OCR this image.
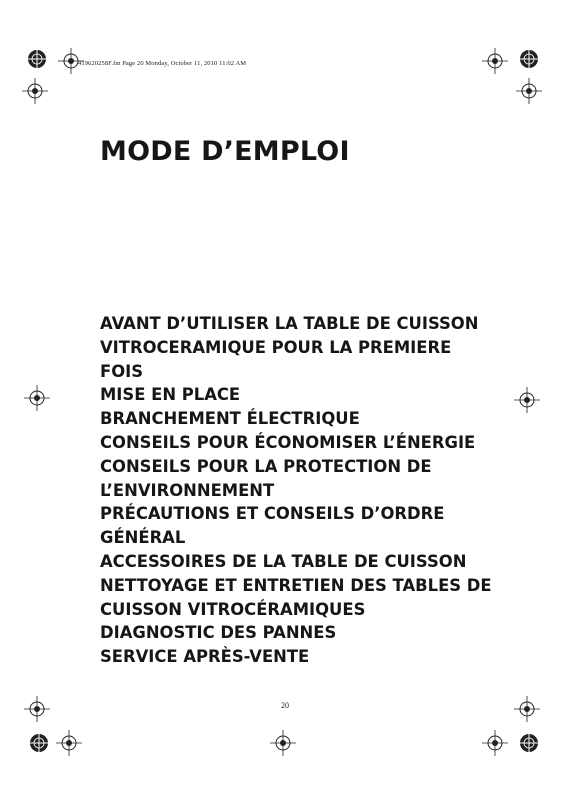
419620258F.fm Page 20 Monday, October 11, 2010 11:02 AM
MODE D’EMPLOI
AVANT D’UTILISER LA TABLE DE CUISSON VITROCERAMIQUE POUR LA PREMIERE FOIS
MISE EN PLACE
BRANCHEMENT ÉLECTRIQUE
CONSEILS POUR ÉCONOMISER L’ÉNERGIE
CONSEILS POUR LA PROTECTION DE L’ENVIRONNEMENT
PRÉCAUTIONS ET CONSEILS D’ORDRE GÉNÉRAL
ACCESSOIRES DE LA TABLE DE CUISSON
NETTOYAGE ET ENTRETIEN DES TABLES DE CUISSON VITROCÉRAMIQUES
DIAGNOSTIC DES PANNES
SERVICE APRÈS-VENTE
20
